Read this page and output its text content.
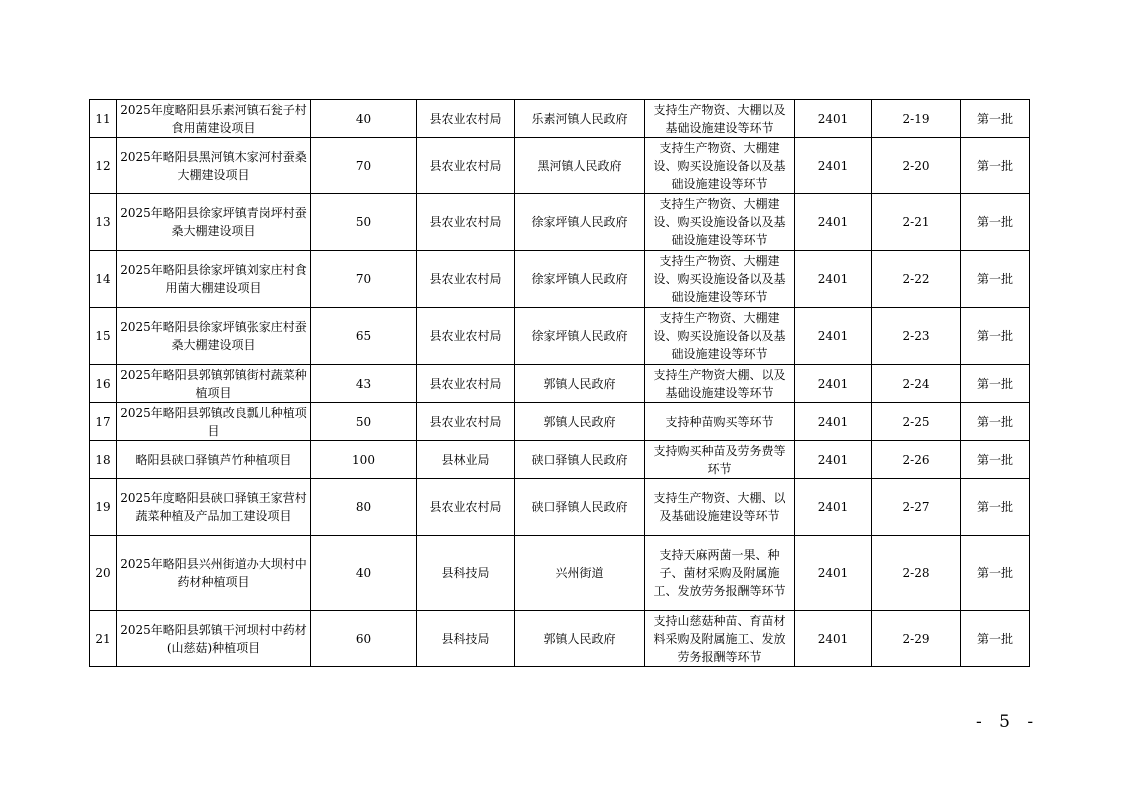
11	2025年度略阳县乐素河镇石瓮子村食用菌建设项目	40	县农业农村局	乐素河镇人民政府	支持生产物资、大棚以及基础设施建设等环节	2401	2-19	第一批
12	2025年略阳县黑河镇木家河村蚕桑大棚建设项目	70	县农业农村局	黑河镇人民政府	支持生产物资、大棚建设、购买设施设备以及基础设施建设等环节	2401	2-20	第一批
13	2025年略阳县徐家坪镇青岗坪村蚕桑大棚建设项目	50	县农业农村局	徐家坪镇人民政府	支持生产物资、大棚建设、购买设施设备以及基础设施建设等环节	2401	2-21	第一批
14	2025年略阳县徐家坪镇刘家庄村食用菌大棚建设项目	70	县农业农村局	徐家坪镇人民政府	支持生产物资、大棚建设、购买设施设备以及基础设施建设等环节	2401	2-22	第一批
15	2025年略阳县徐家坪镇张家庄村蚕桑大棚建设项目	65	县农业农村局	徐家坪镇人民政府	支持生产物资、大棚建设、购买设施设备以及基础设施建设等环节	2401	2-23	第一批
16	2025年略阳县郭镇郭镇街村蔬菜种植项目	43	县农业农村局	郭镇人民政府	支持生产物资大棚、以及基础设施建设等环节	2401	2-24	第一批
17	2025年略阳县郭镇改良瓢儿种植项目	50	县农业农村局	郭镇人民政府	支持种苗购买等环节	2401	2-25	第一批
18	略阳县硖口驿镇芦竹种植项目	100	县林业局	硖口驿镇人民政府	支持购买种苗及劳务费等环节	2401	2-26	第一批
19	2025年度略阳县硖口驿镇王家营村蔬菜种植及产品加工建设项目	80	县农业农村局	硖口驿镇人民政府	支持生产物资、大棚、以及基础设施建设等环节	2401	2-27	第一批
20	2025年略阳县兴州街道办大坝村中药材种植项目	40	县科技局	兴州街道	支持天麻两菌一果、种子、菌材采购及附属施工、发放劳务报酬等环节	2401	2-28	第一批
21	2025年略阳县郭镇干河坝村中药材(山慈菇)种植项目	60	县科技局	郭镇人民政府	支持山慈菇种苗、育苗材料采购及附属施工、发放劳务报酬等环节	2401	2-29	第一批
- 5 -
